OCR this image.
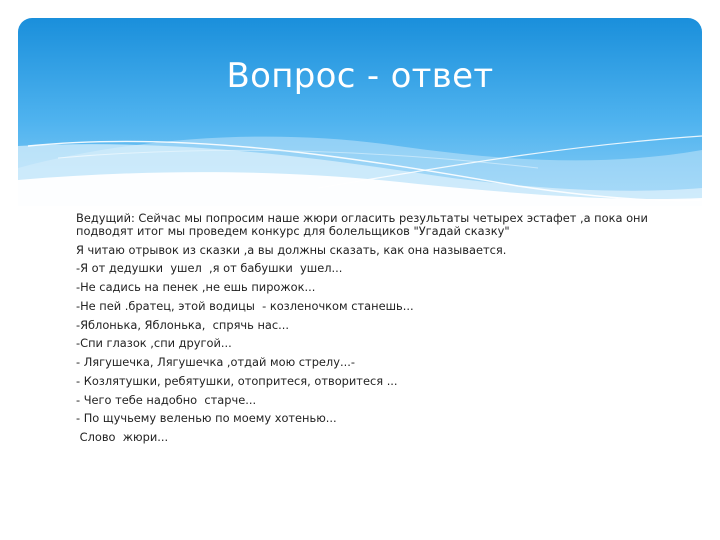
Вопрос - ответ
Ведущий: Сейчас мы попросим наше жюри огласить результаты четырех эстафет ,а пока они подводят итог мы проведем конкурс для болельщиков "Угадай сказку"
Я читаю отрывок из сказки ,а вы должны сказать, как она называется.
-Я от дедушки  ушел  ,я от бабушки  ушел...
-Не садись на пенек ,не ешь пирожок...
-Не пей .братец, этой водицы  - козленочком станешь...
-Яблонька, Яблонька,  спрячь нас...
-Спи глазок ,спи другой...
- Лягушечка, Лягушечка ,отдай мою стрелу...-
- Козлятушки, ребятушки, отопритеся, отворитеся ...
- Чего тебе надобно  старче...
- По щучьему веленью по моему хотенью...
Слово  жюри...
